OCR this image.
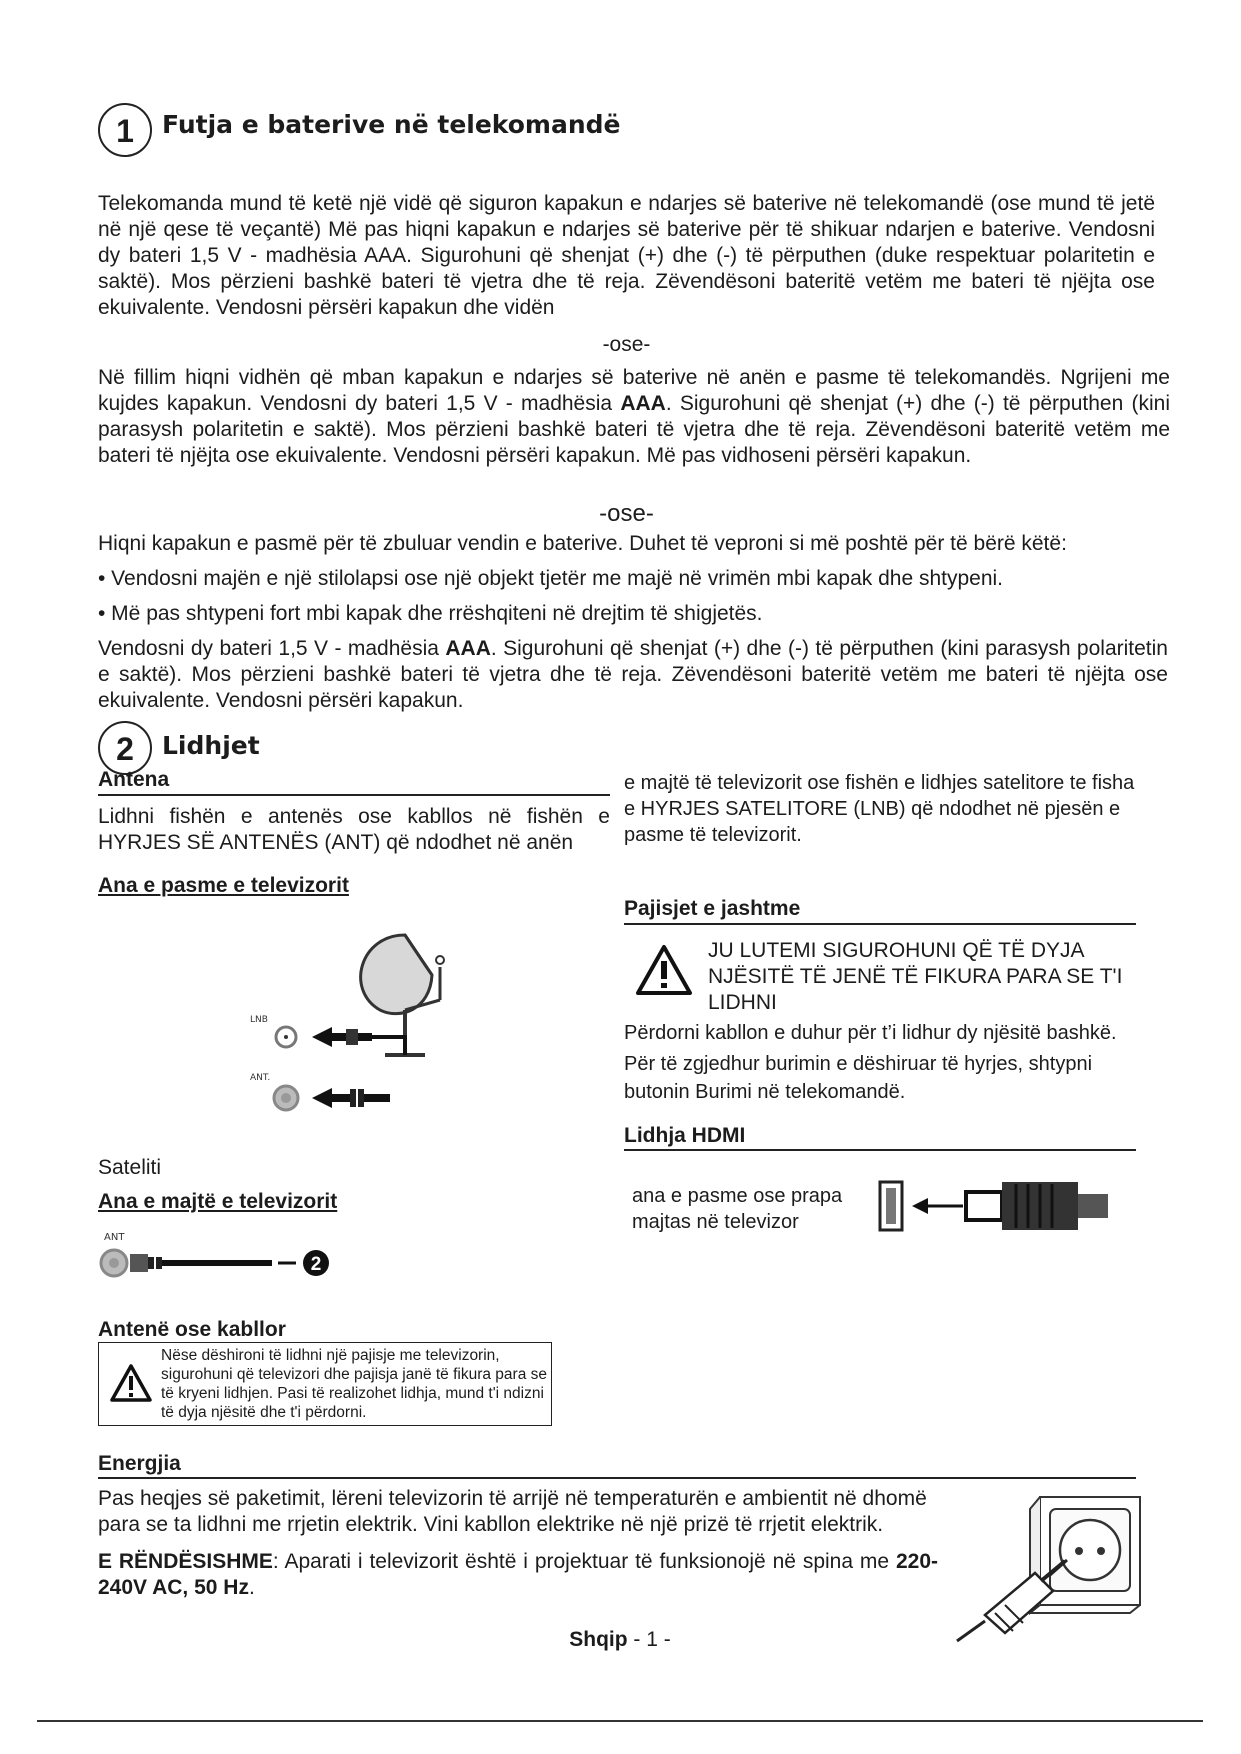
1	Futja e baterive në telekomandë
Telekomanda mund të ketë një vidë që siguron kapakun e ndarjes së baterive në telekomandë (ose mund të jetë në një qese të veçantë) Më pas hiqni kapakun e ndarjes së baterive për të shikuar ndarjen e baterive. Vendosni dy bateri 1,5 V - madhësia AAA. Sigurohuni që shenjat (+) dhe (-) të përputhen (duke respektuar polaritetin e saktë). Mos përzieni bashkë bateri të vjetra dhe të reja. Zëvendësoni bateritë vetëm me bateri të njëjta ose ekuivalente. Vendosni përsëri kapakun dhe vidën
-ose-
Në fillim hiqni vidhën që mban kapakun e ndarjes së baterive në anën e pasme të telekomandës. Ngrijeni me kujdes kapakun. Vendosni dy bateri 1,5 V - madhësia AAA. Sigurohuni që shenjat (+) dhe (-) të përputhen (kini parasysh polaritetin e saktë). Mos përzieni bashkë bateri të vjetra dhe të reja. Zëvendësoni bateritë vetëm me bateri të njëjta ose ekuivalente. Vendosni përsëri kapakun. Më pas vidhoseni përsëri kapakun.
-ose-
Hiqni kapakun e pasmë për të zbuluar vendin e baterive. Duhet të veproni si më poshtë për të bërë këtë:
• Vendosni majën e një stilolapsi ose një objekt tjetër me majë në vrimën mbi kapak dhe shtypeni.
• Më pas shtypeni fort mbi kapak dhe rrëshqiteni në drejtim të shigjetës.
Vendosni dy bateri 1,5 V - madhësia AAA. Sigurohuni që shenjat (+) dhe (-) të përputhen (kini parasysh polaritetin e saktë). Mos përzieni bashkë bateri të vjetra dhe të reja. Zëvendësoni bateritë vetëm me bateri të njëjta ose ekuivalente. Vendosni përsëri kapakun.
2	Lidhjet
Antena
Lidhni fishën e antenës ose kabllos në fishën e HYRJES SË ANTENËS (ANT) që ndodhet në anën
e majtë të televizorit ose fishën e lidhjes satelitore te fisha e HYRJES SATELITORE (LNB) që ndodhet në pjesën e pasme të televizorit.
Ana e pasme e televizorit
LNB
ANT.
Sateliti
Ana e majtë e televizorit
ANT
2
Antenë ose kabllor
Nëse dëshironi të lidhni një pajisje me televizorin, sigurohuni që televizori dhe pajisja janë të fikura para se të kryeni lidhjen. Pasi të realizohet lidhja, mund t'i ndizni të dyja njësitë dhe t'i përdorni.
Pajisjet e jashtme
JU LUTEMI SIGUROHUNI QË TË DYJA NJËSITË TË JENË TË FIKURA PARA SE T'I LIDHNI
Përdorni kabllon e duhur për t’i lidhur dy njësitë bashkë.
Për të zgjedhur burimin e dëshiruar të hyrjes, shtypni butonin Burimi në telekomandë.
Lidhja HDMI
ana e pasme ose prapa majtas në televizor
Energjia
Pas heqjes së paketimit, lëreni televizorin të arrijë në temperaturën e ambientit në dhomë para se ta lidhni me rrjetin elektrik. Vini kabllon elektrike në një prizë të rrjetit elektrik.
E RËNDËSISHME: Aparati i televizorit është i projektuar të funksionojë në spina me 220-240V AC, 50 Hz.
Shqip - 1 -
